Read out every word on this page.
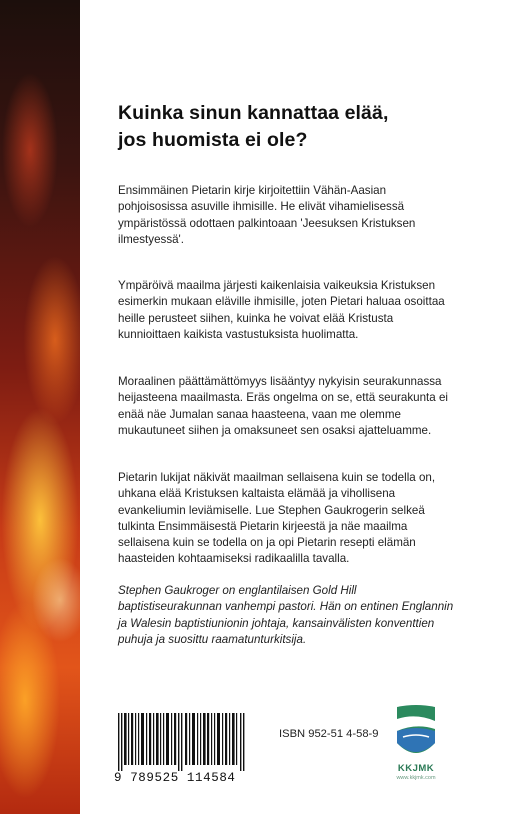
Kuinka sinun kannattaa elää,
jos huomista ei ole?

Ensimmäinen Pietarin kirje kirjoitettiin Vähän-Aasian
pohjoisosissa asuville ihmisille. He elivät vihamielisessä
ympäristössä odottaen palkintoaan 'Jeesuksen Kristuksen
ilmestyessä'.

Ympäröivä maailma järjesti kaikenlaisia vaikeuksia Kristuksen
esimerkin mukaan eläville ihmisille, joten Pietari haluaa osoittaa
heille perusteet siihen, kuinka he voivat elää Kristusta
kunnioittaen kaikista vastustuksista huolimatta.

Moraalinen päättämättömyys lisääntyy nykyisin seurakunnassa
heijasteena maailmasta. Eräs ongelma on se, että seurakunta ei
enää näe Jumalan sanaa haasteena, vaan me olemme
mukautuneet siihen ja omaksuneet sen osaksi ajatteluamme.

Pietarin lukijat näkivät maailman sellaisena kuin se todella on,
uhkana elää Kristuksen kaltaista elämää ja vihollisena
evankeliumin leviämiselle. Lue Stephen Gaukrogerin selkeä
tulkinta Ensimmäisestä Pietarin kirjeestä ja näe maailma
sellaisena kuin se todella on ja opi Pietarin resepti elämän
haasteiden kohtaamiseksi radikaalilla tavalla.

Stephen Gaukroger on englantilaisen Gold Hill
baptistiseurakunnan vanhempi pastori. Hän on entinen Englannin
ja Walesin baptistiunionin johtaja, kansainvälisten konventtien
puhuja ja suosittu raamatunturkitsija.

9 789525 114584
ISBN 952-51 4-58-9
KKJMK
www.kkjmk.com
